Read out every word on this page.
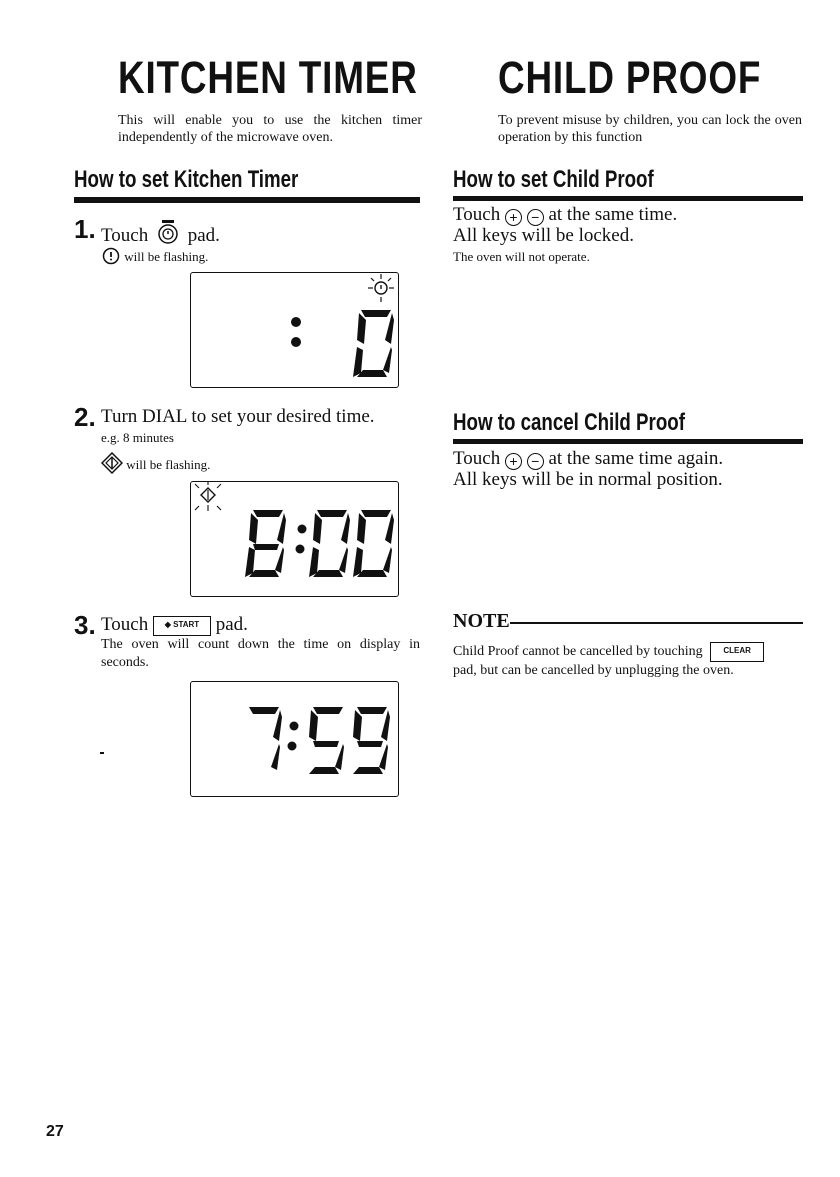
KITCHEN TIMER
This will enable you to use the kitchen timer independently of the microwave oven.
How to set Kitchen Timer
1. Touch pad.
will be flashing.
2. Turn DIAL to set your desired time.
e.g. 8 minutes
will be flashing.
3. Touch ◆ START pad.
The oven will count down the time on display in seconds.
CHILD PROOF
To prevent misuse by children, you can lock the oven operation by this function
How to set Child Proof
Touch + − at the same time.
All keys will be locked.
The oven will not operate.
How to cancel Child Proof
Touch + − at the same time again.
All keys will be in normal position.
NOTE
Child Proof cannot be cancelled by touching	CLEAR
pad, but can be cancelled by unplugging the oven.
27
